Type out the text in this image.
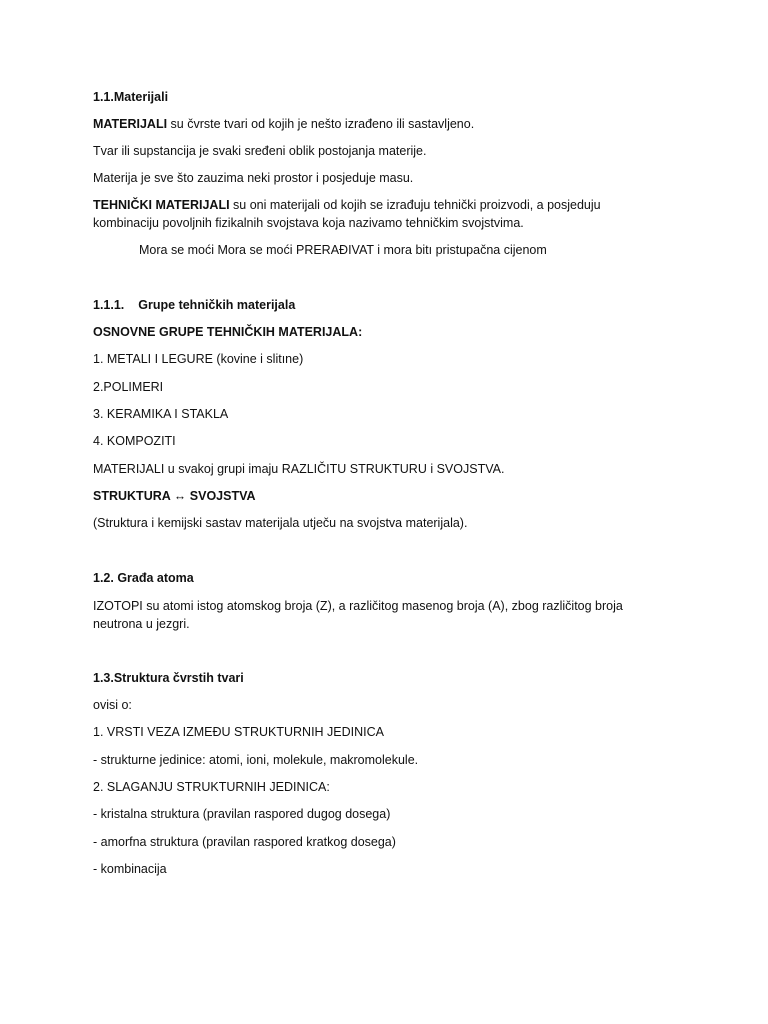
1.1.Materijali
MATERIJALI su čvrste tvari od kojih je nešto izrađeno ili sastavljeno.
Tvar ili supstancija je svaki sređeni oblik postojanja materije.
Materija je sve što zauzima neki prostor i posjeduje masu.
TEHNIČKI MATERIJALI su oni materijali od kojih se izrađuju tehnički proizvodi, a posjeduju kombinaciju povoljnih fizikalnih svojstava koja nazivamo tehničkim svojstvima.
Mora se moći Mora se moći PRERAĐIVAT i mora bitı pristupačna cijenom
1.1.1. Grupe tehničkih materijala
OSNOVNE GRUPE TEHNIČKIH MATERIJALA:
1. METALI I LEGURE (kovine i slitıne)
2.POLIMERI
3. KERAMIKA I STAKLA
4. KOMPOZITI
MATERIJALI u svakoj grupi imaju RAZLIČITU STRUKTURU i SVOJSTVA.
STRUKTURA ↔ SVOJSTVA
(Struktura i kemijski sastav materijala utječu na svojstva materijala).
1.2. Građa atoma
IZOTOPI su atomi istog atomskog broja (Z), a različitog masenog broja (A), zbog različitog broja neutrona u jezgri.
1.3.Struktura čvrstih tvari
ovisi o:
1. VRSTI VEZA IZMEĐU STRUKTURNIH JEDINICA
- strukturne jedinice: atomi, ioni, molekule, makromolekule.
2. SLAGANJU STRUKTURNIH JEDINICA:
- kristalna struktura (pravilan raspored dugog dosega)
- amorfna struktura (pravilan raspored kratkog dosega)
- kombinacija
